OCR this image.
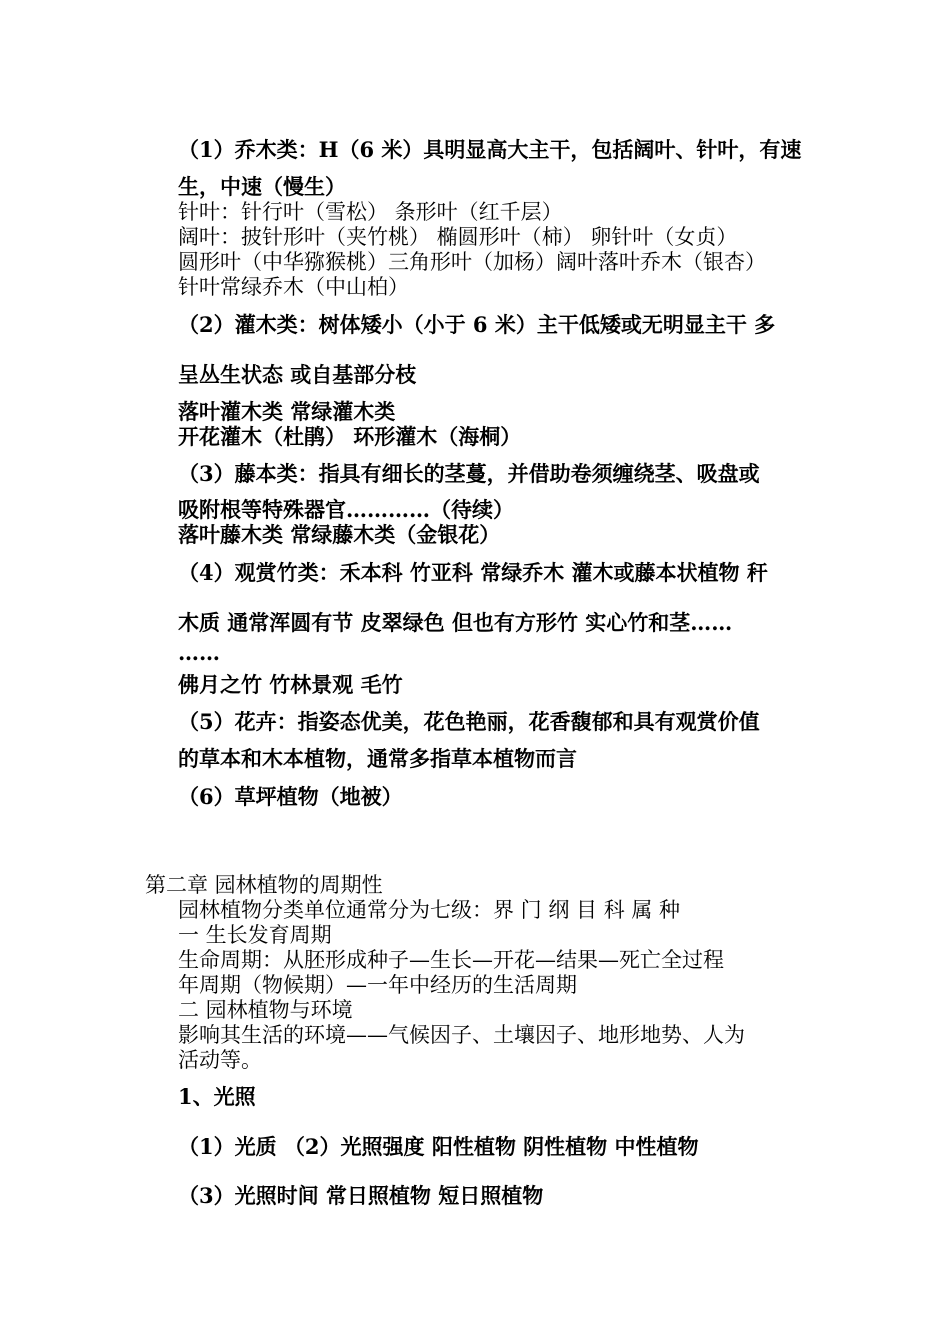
（1）乔木类：H（6 米）具明显高大主干，包括阔叶、针叶，有速
生，中速（慢生）
针叶：针行叶（雪松） 条形叶（红千层）
阔叶：披针形叶（夹竹桃） 椭圆形叶（柿） 卵针叶（女贞）
圆形叶（中华猕猴桃）三角形叶（加杨）阔叶落叶乔木（银杏）
针叶常绿乔木（中山柏）
（2）灌木类：树体矮小（小于 6 米）主干低矮或无明显主干 多
呈丛生状态 或自基部分枝
落叶灌木类 常绿灌木类
开花灌木（杜鹃） 环形灌木（海桐）
（3）藤本类：指具有细长的茎蔓，并借助卷须缠绕茎、吸盘或
吸附根等特殊器官…………（待续）
落叶藤木类 常绿藤木类（金银花）
（4）观赏竹类：禾本科 竹亚科 常绿乔木 灌木或藤本状植物 秆
木质 通常浑圆有节 皮翠绿色 但也有方形竹 实心竹和茎……
……
佛月之竹 竹林景观 毛竹
（5）花卉：指姿态优美，花色艳丽，花香馥郁和具有观赏价值
的草本和木本植物，通常多指草本植物而言
（6）草坪植物（地被）
第二章 园林植物的周期性
园林植物分类单位通常分为七级：界 门 纲 目 科 属 种
一 生长发育周期
生命周期：从胚形成种子—生长—开花—结果—死亡全过程
年周期（物候期）—一年中经历的生活周期
二 园林植物与环境
影响其生活的环境——气候因子、土壤因子、地形地势、人为
活动等。
1、光照
（1）光质 （2）光照强度 阳性植物 阴性植物 中性植物
（3）光照时间 常日照植物 短日照植物
